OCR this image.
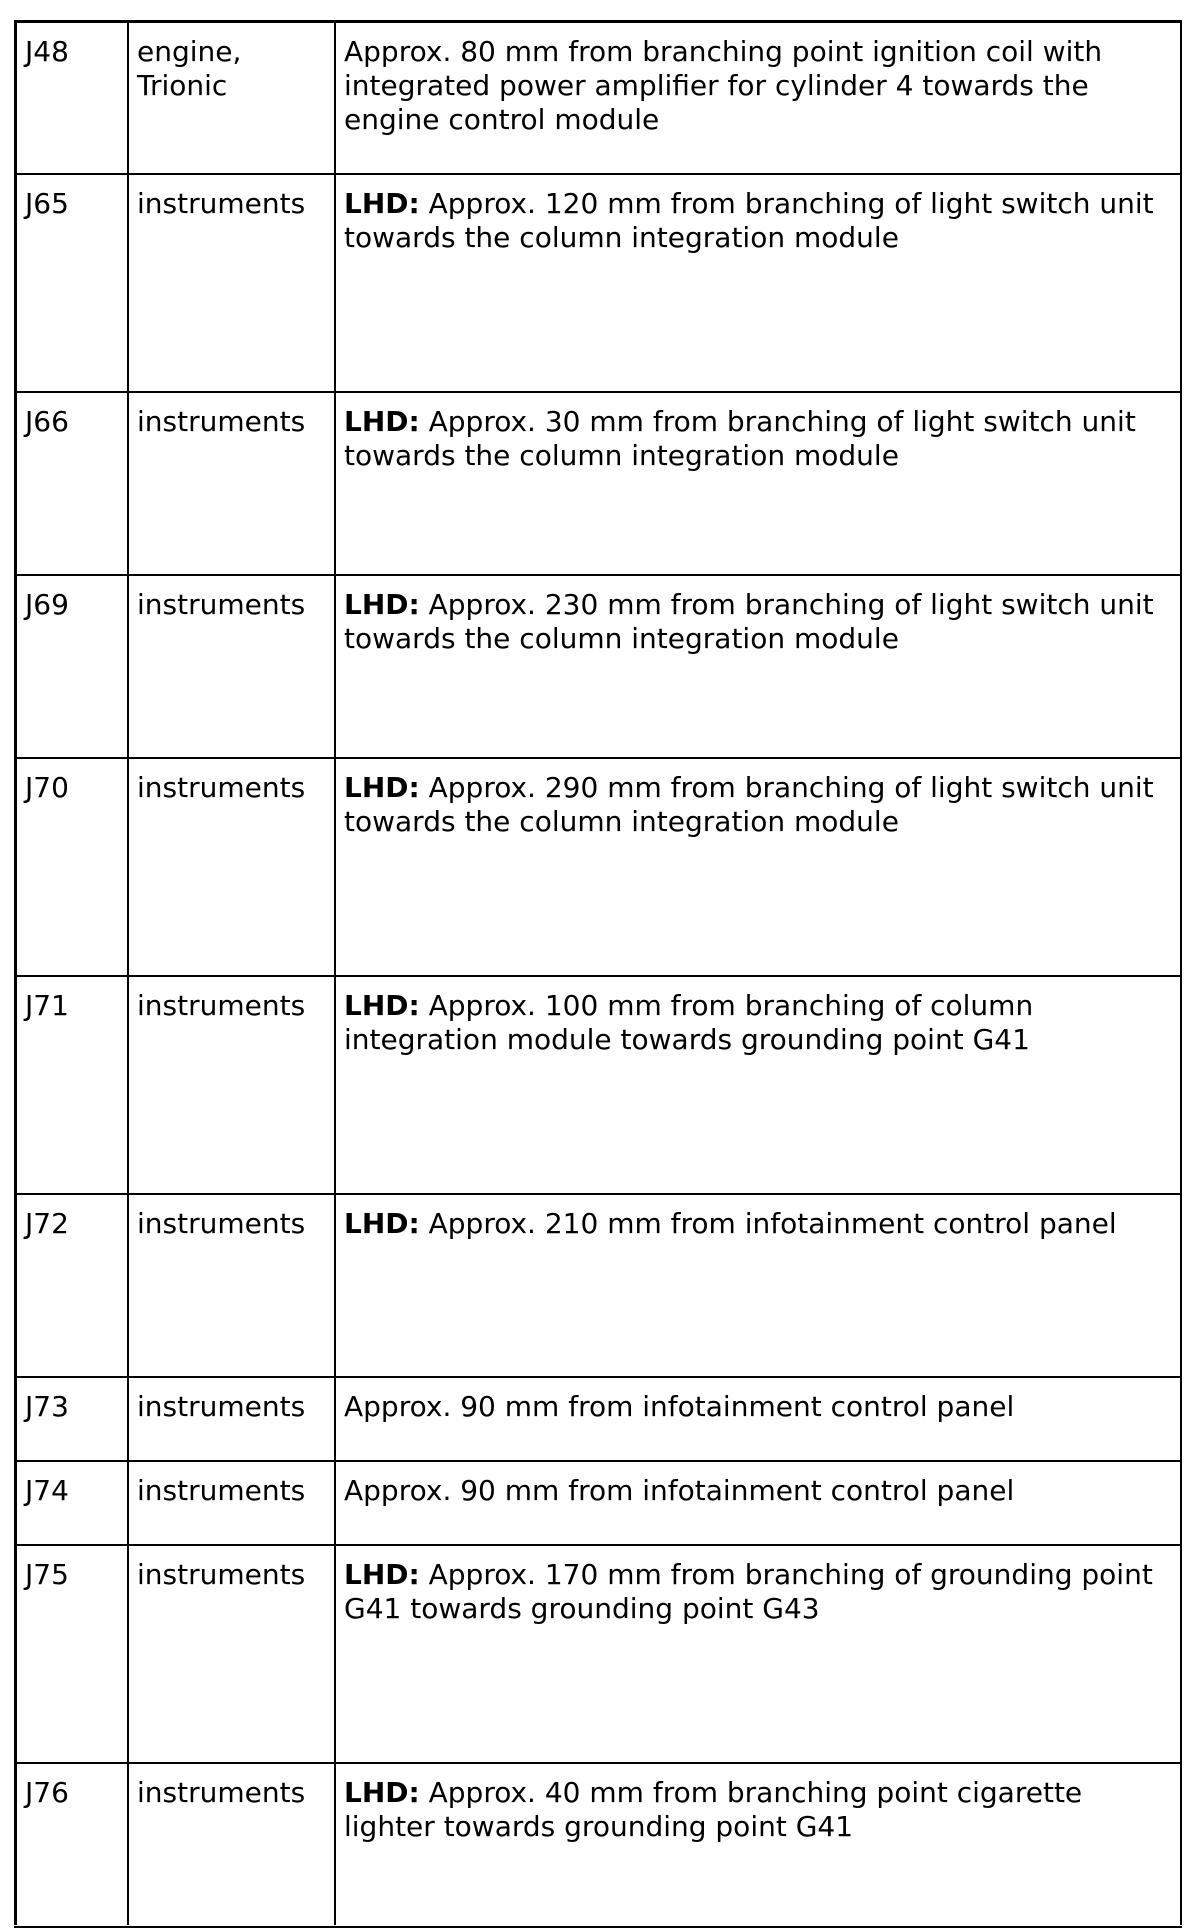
J48	engine, Trionic	Approx. 80 mm from branching point ignition coil with integrated power amplifier for cylinder 4 towards the engine control module
J65	instruments	LHD: Approx. 120 mm from branching of light switch unit towards the column integration module
J66	instruments	LHD: Approx. 30 mm from branching of light switch unit towards the column integration module
J69	instruments	LHD: Approx. 230 mm from branching of light switch unit towards the column integration module
J70	instruments	LHD: Approx. 290 mm from branching of light switch unit towards the column integration module
J71	instruments	LHD: Approx. 100 mm from branching of column integration module towards grounding point G41
J72	instruments	LHD: Approx. 210 mm from infotainment control panel
J73	instruments	Approx. 90 mm from infotainment control panel
J74	instruments	Approx. 90 mm from infotainment control panel
J75	instruments	LHD: Approx. 170 mm from branching of grounding point G41 towards grounding point G43
J76	instruments	LHD: Approx. 40 mm from branching point cigarette lighter towards grounding point G41
